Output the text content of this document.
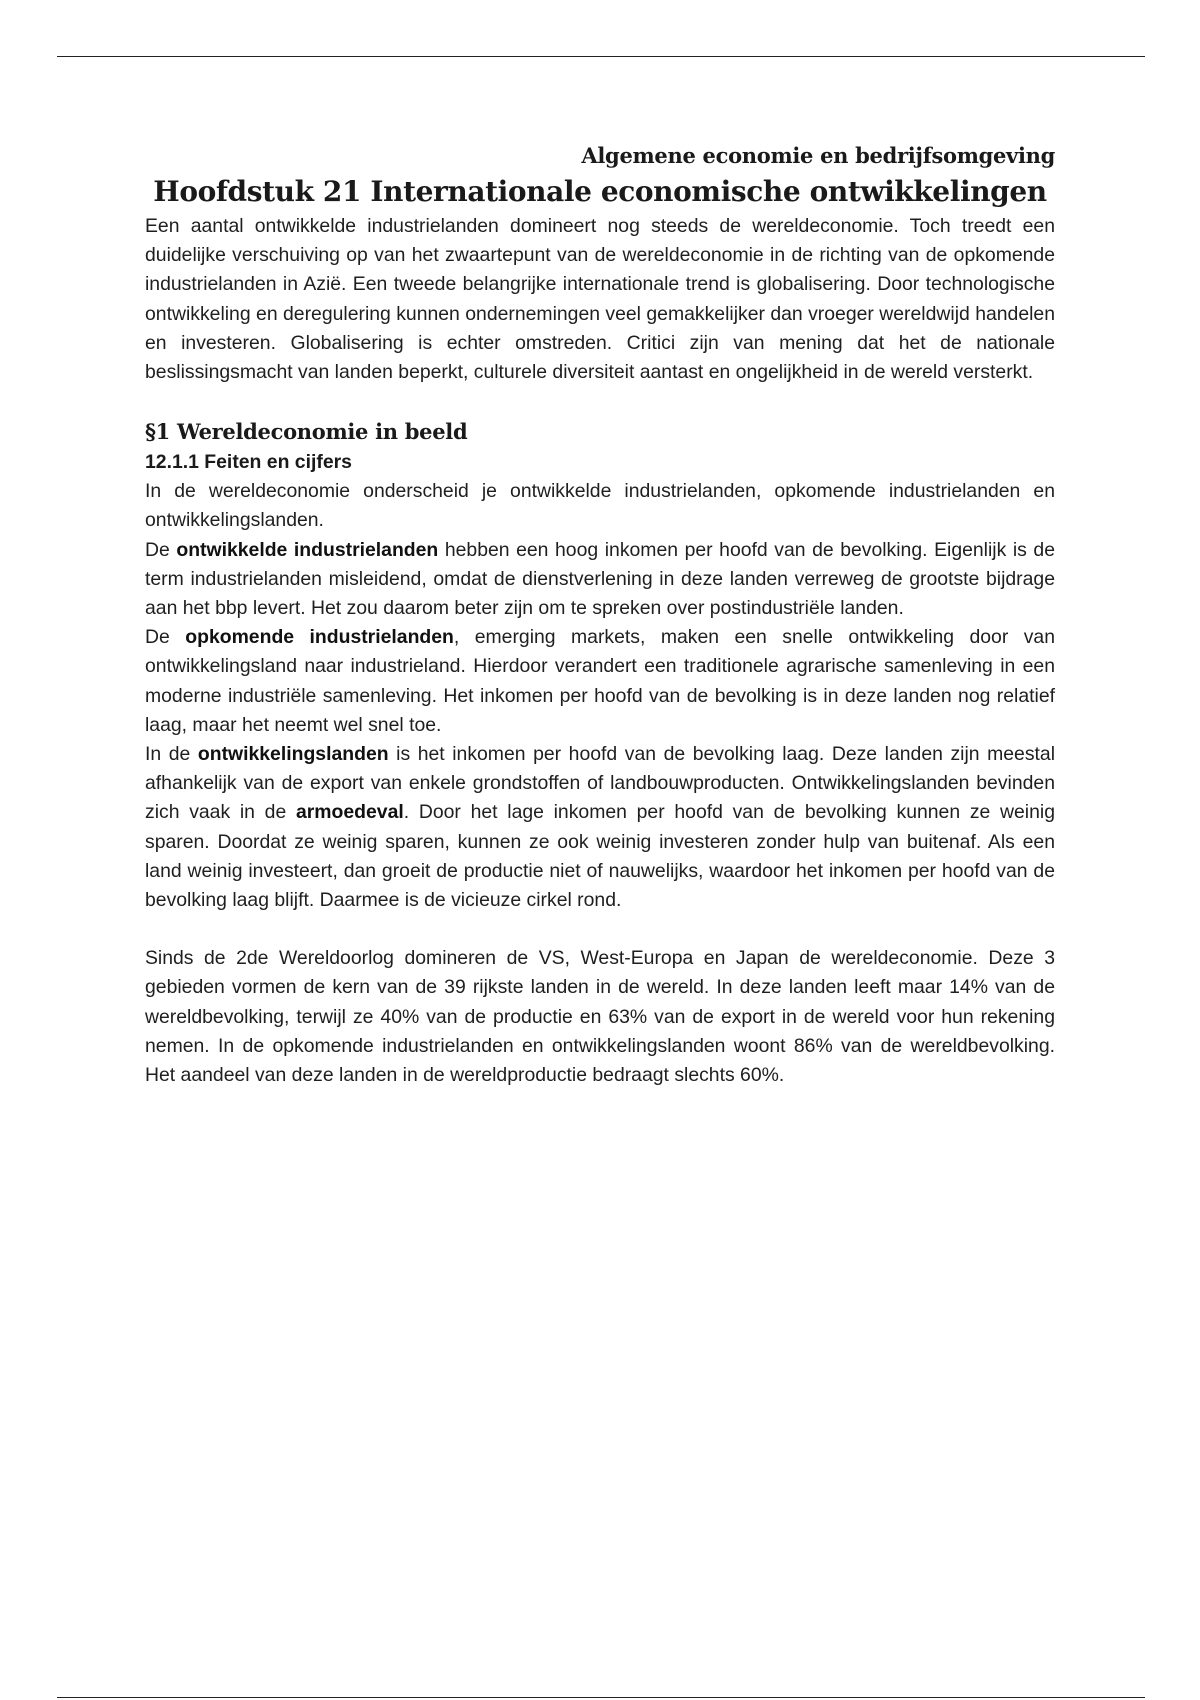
Algemene economie en bedrijfsomgeving

Hoofdstuk 21 Internationale economische ontwikkelingen

Een aantal ontwikkelde industrielanden domineert nog steeds de wereldeconomie. Toch treedt een duidelijke verschuiving op van het zwaartepunt van de wereldeconomie in de richting van de opkomende industrielanden in Azië. Een tweede belangrijke internationale trend is globalisering. Door technologische ontwikkeling en deregulering kunnen ondernemingen veel gemakkelijker dan vroeger wereldwijd handelen en investeren. Globalisering is echter omstreden. Critici zijn van mening dat het de nationale beslissingsmacht van landen beperkt, culturele diversiteit aantast en ongelijkheid in de wereld versterkt.

§1 Wereldeconomie in beeld
12.1.1 Feiten en cijfers

In de wereldeconomie onderscheid je ontwikkelde industrielanden, opkomende industrielanden en ontwikkelingslanden.

De ontwikkelde industrielanden hebben een hoog inkomen per hoofd van de bevolking. Eigenlijk is de term industrielanden misleidend, omdat de dienstverlening in deze landen verreweg de grootste bijdrage aan het bbp levert. Het zou daarom beter zijn om te spreken over postindustriële landen.

De opkomende industrielanden, emerging markets, maken een snelle ontwikkeling door van ontwikkelingsland naar industrieland. Hierdoor verandert een traditionele agrarische samenleving in een moderne industriële samenleving. Het inkomen per hoofd van de bevolking is in deze landen nog relatief laag, maar het neemt wel snel toe.

In de ontwikkelingslanden is het inkomen per hoofd van de bevolking laag. Deze landen zijn meestal afhankelijk van de export van enkele grondstoffen of landbouwproducten. Ontwikkelingslanden bevinden zich vaak in de armoedeval. Door het lage inkomen per hoofd van de bevolking kunnen ze weinig sparen. Doordat ze weinig sparen, kunnen ze ook weinig investeren zonder hulp van buitenaf. Als een land weinig investeert, dan groeit de productie niet of nauwelijks, waardoor het inkomen per hoofd van de bevolking laag blijft. Daarmee is de vicieuze cirkel rond.

Sinds de 2de Wereldoorlog domineren de VS, West-Europa en Japan de wereldeconomie. Deze 3 gebieden vormen de kern van de 39 rijkste landen in de wereld. In deze landen leeft maar 14% van de wereldbevolking, terwijl ze 40% van de productie en 63% van de export in de wereld voor hun rekening nemen. In de opkomende industrielanden en ontwikkelingslanden woont 86% van de wereldbevolking. Het aandeel van deze landen in de wereldproductie bedraagt slechts 60%.
